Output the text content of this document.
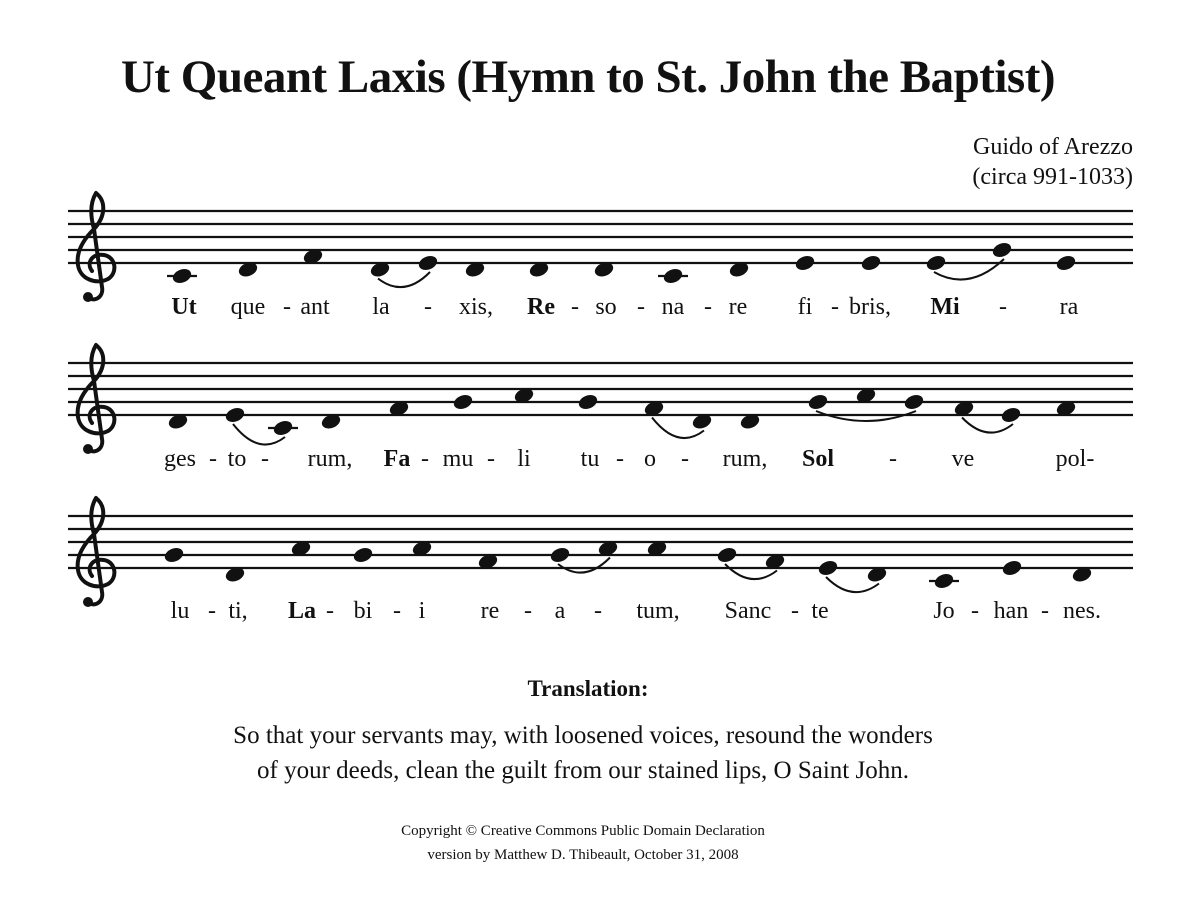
Ut Queant Laxis (Hymn to St. John the Baptist)
Guido of Arezzo
(circa 991-1033)
Ut que - ant la - xis, Re - so - na - re fi - bris, Mi - ra
ges - to - rum, Fa - mu - li tu - o - rum, Sol - ve	pol-
lu - ti, La - bi - i re - a - tum, Sanc - te	Jo - han - nes.
Translation:
So that your servants may, with loosened voices, resound the wonders
of your deeds, clean the guilt from our stained lips, O Saint John.
Copyright © Creative Commons Public Domain Declaration
version by Matthew D. Thibeault, October 31, 2008
